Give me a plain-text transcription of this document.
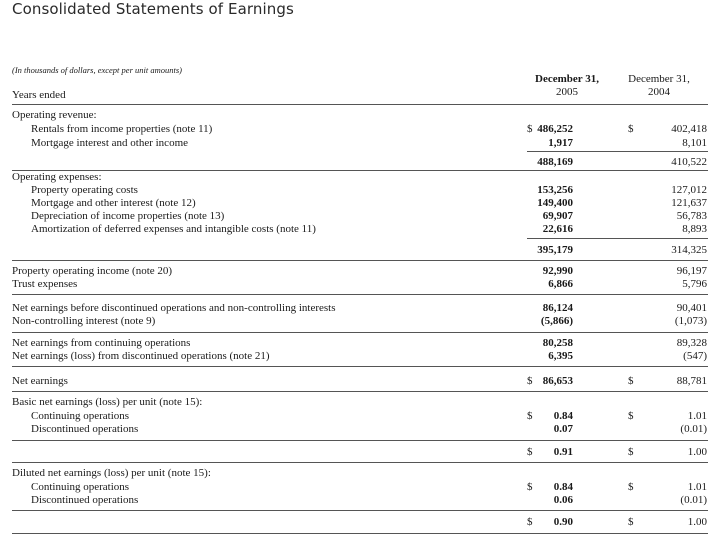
Consolidated Statements of Earnings
(In thousands of dollars, except per unit amounts)
December 31,
2005
December 31,
2004
Years ended
Operating revenue:
Rentals from income properties (note 11)	$ 486,252	$	402,418
Mortgage interest and other income	1,917	8,101
488,169	410,522
Operating expenses:
Property operating costs	153,256	127,012
Mortgage and other interest (note 12)	149,400	121,637
Depreciation of income properties (note 13)	69,907	56,783
Amortization of deferred expenses and intangible costs (note 11)	22,616	8,893
395,179	314,325
Property operating income (note 20)	92,990	96,197
Trust expenses	6,866	5,796
Net earnings before discontinued operations and non-controlling interests	86,124	90,401
Non-controlling interest (note 9)	(5,866)	(1,073)
Net earnings from continuing operations	80,258	89,328
Net earnings (loss) from discontinued operations (note 21)	6,395	(547)
Net earnings	$ 86,653	$	88,781
Basic net earnings (loss) per unit (note 15):
Continuing operations	$	0.84	$	1.01
Discontinued operations	0.07	(0.01)
$	0.91	$	1.00
Diluted net earnings (loss) per unit (note 15):
Continuing operations	$	0.84	$	1.01
Discontinued operations	0.06	(0.01)
$	0.90	$	1.00
